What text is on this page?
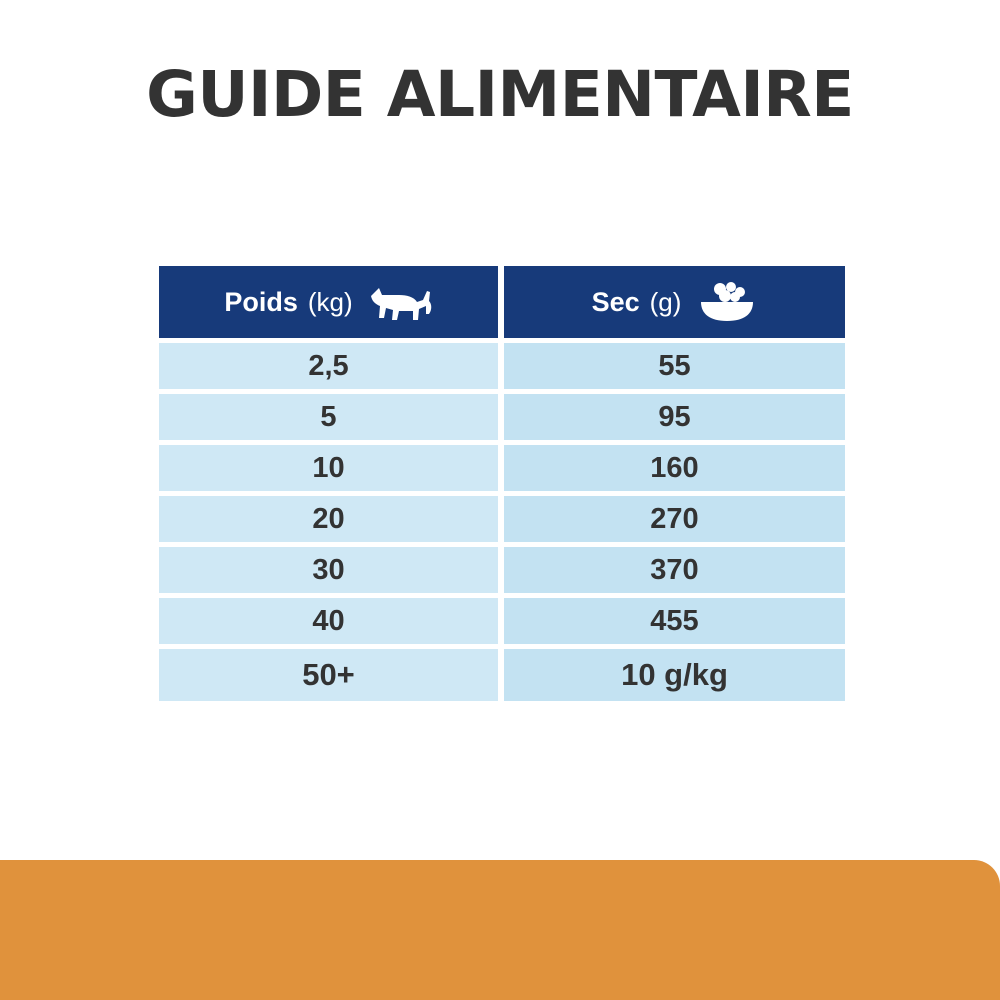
GUIDE ALIMENTAIRE
Poids (kg)
2,5
5
10
20
30
40
50+
Sec (g)
55
95
160
270
370
455
10 g/kg
